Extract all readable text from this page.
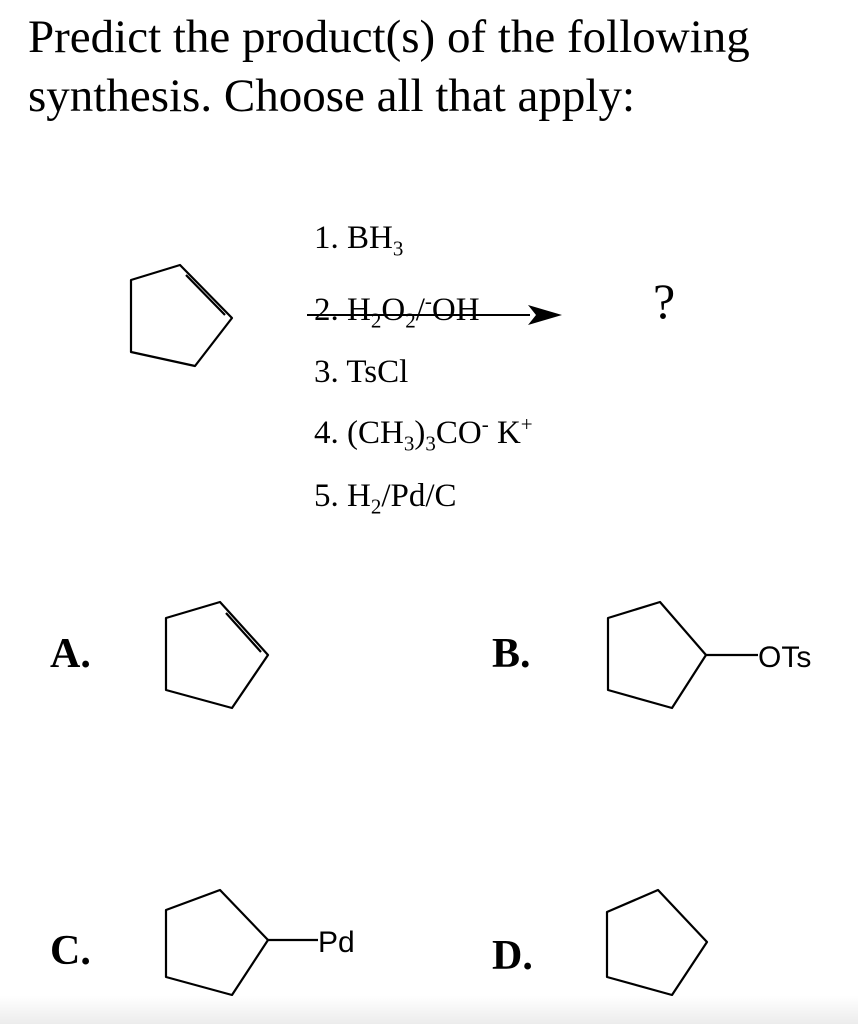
Predict the product(s) of the following
synthesis. Choose all that apply:
1. $BH_3$
2. $H_2O_2/^-OH$
3. TsCl
4. $(CH_3)_3CO^-$ K+
5. $H_2/Pd/C$
?
A.	B.	OTs
C.	Pd	D.
